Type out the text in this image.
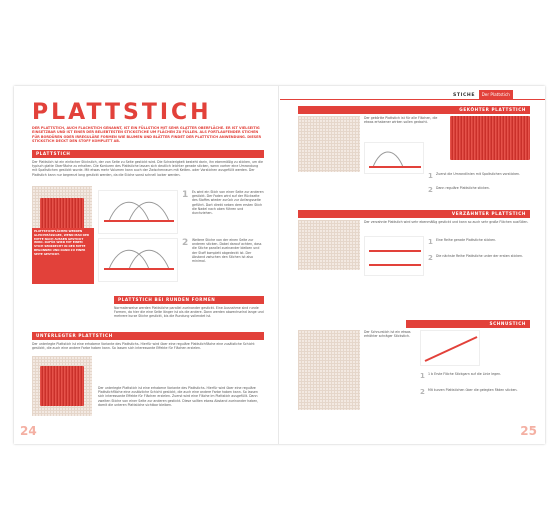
PLATTSTICH
DER PLATTSTICH, AUCH FLACHSTICH GENANNT, IST EIN FÜLLSTICH MIT SEHR GLATTER OBERFLÄCHE. ER IST VIELSEITIG EINSETZBAR UND IST EINER DER BELIEBTESTEN STICKSTICHE UM FLÄCHEN ZU FÜLLEN. ALS FORTLAUFENDER STICHEN FÜR BORDÜREN ODER IRREGULÄRE FORMEN WIE BLUMEN UND BLÄTTER FINDET DER PLATTSTICH ANWENDUNG. DIESER STICKSTICH DECKT DEN STOFF KOMPLETT AB.
PLATTSTICH
Der Plattstich ist ein einfacher Stickstich, der von Seite zu Seite gestickt wird. Die Schwierigkeit besteht darin, ihn ebenmäßig zu sticken, um die typisch glatte Oberfläche zu erhalten. Die Konturen des Plattstiche lassen sich deutlich leichter gerade sticken, wenn vorher eine Umrandung mit Spaltstichen gestickt wurde. Mit etwas mehr Volumen kann auch der Zwischenraum mit Ketten- oder Vorstichen ausgefüllt werden. Der Plattstich kann nur begrenzt lang gestickt werden, da die Stiche sonst schnell locker werden.
PLATTSTICHFLÄCHEN WERDEN GLEICHMÄSSIGER, WENN MAN DER MITTE NACH AUSSEN GESTICKT WIRD. DAFÜR WIRD MIT EINEM STICH SENKRECHT IN DER MITTE BEGONNEN UND DANN ZU EINER SEITE GESTICKT.
1 Es wird ein Stich von einer Seite zur anderen gestickt. Der Faden wird auf der Rückseite des Stoffes wieder zurück zur Anfangsseite geführt. Dort direkt neben dem ersten Stich die Nadel nach oben führen und durchziehen.
2 Weitere Stiche von der einen Seite zur anderen sticken. Dabei darauf achten, dass die Stiche parallel zueinander bleiben und der Stoff komplett abgedeckt ist. Der Abstand zwischen den Stichen ist also minimal.
PLATTSTICH BEI RUNDEN FORMEN
Normalerweise werden Plattstiche parallel zueinander gestickt. Eine Ausnahme sind runde Formen, da hier die eine Seite länger ist als die andere. Dann werden abwechselnd lange und mehrere kurze Stiche gestickt, bis die Rundung vollendet ist.
UNTERLEGTER PLATTSTICH
Der unterlegte Plattstich ist eine erhabene Variante des Plattstichs. Hierfür wird über eine reguläre Plattstichfläche eine zusätzliche Schicht gestickt, die auch eine andere Farbe haben kann. So lassen sich interessante Effekte für Flächen erzielen.
Der unterlegte Plattstich ist eine erhabene Variante des Plattstichs. Hierfür wird über eine reguläre Plattstichfläche eine zusätzliche Schicht gestickt, die auch eine andere Farbe haben kann. So lassen sich interessante Effekte für Flächen erzielen. Zuerst wird eine Fläche im Plattstich ausgefüllt. Dann zweiten Stiche von einer Seite zur anderen gestickt. Diese sollten etwas Abstand zueinander haben, damit die unteren Plattstiche sichtbar bleiben.
24
STICHE Der Plattstich
GEKÖHTER PLATTSTICH
Der gekörtte Plattstich ist für alle Flächen, die etwas erhabener wirken sollen gedacht.
1 Zuerst die Umrandlinien mit Spaltstichen vorsticken.
2 Dann reguläre Plattstiche sticken.
VERZÄHNTER PLATTSTICH
Der verzahnte Plattstich wird sehr ebenmäßig gestickt und kann so auch sehr große Flächen ausfüllen.
1 Eine Reihe gerade Plattstiche sticken.
2 Die nächste Reihe Plattstiche unter der ersten sticken.
SCHNUSTICH
Der Schnurstich ist ein etwas erhöhter schräger Stickstich.
1 1 b Erste Fläche Stickgarn auf die Linie legen.
2 Mit kurzen Plattstichen über die gelegten Fäden sticken.
25
